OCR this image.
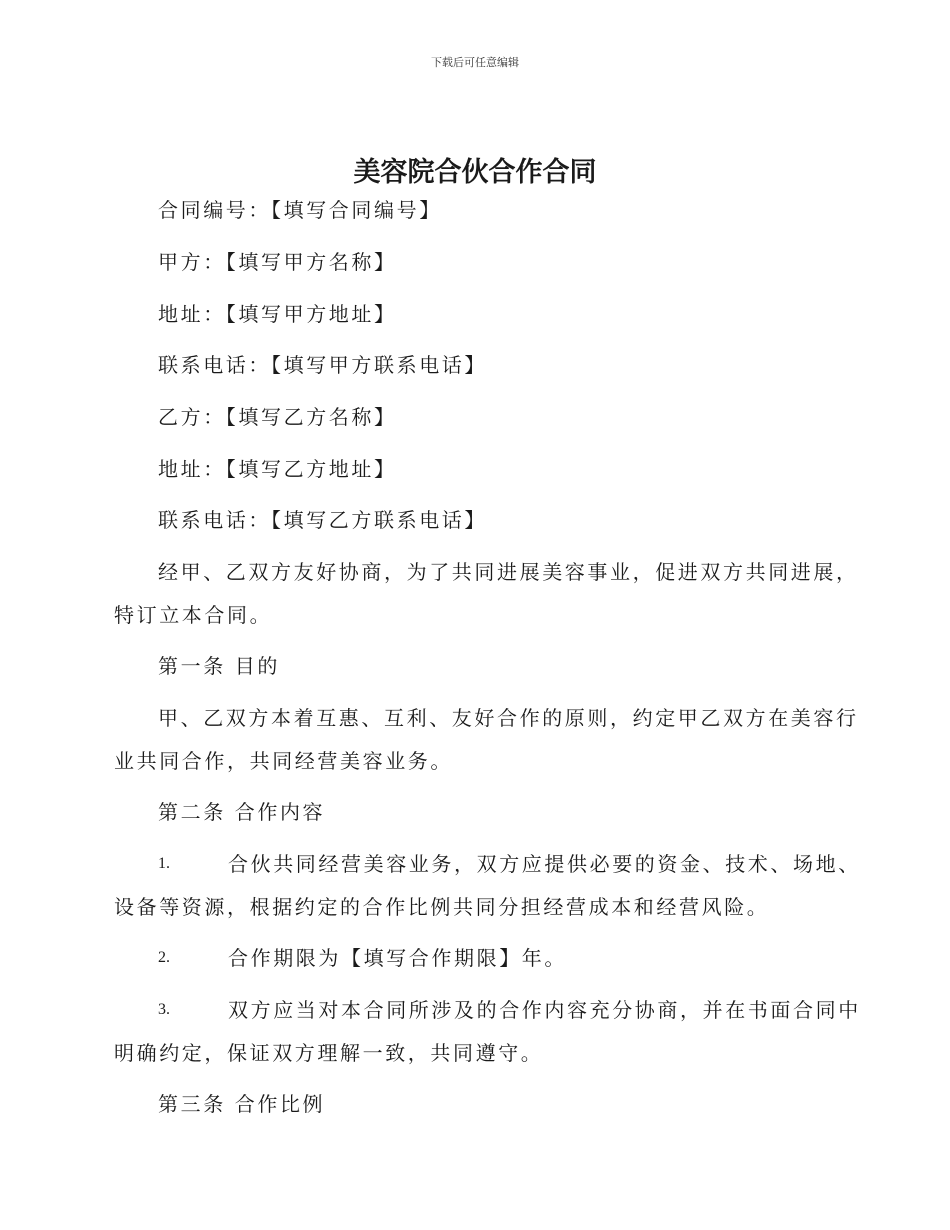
下载后可任意编辑
美容院合伙合作合同
合同编号：【填写合同编号】
甲方：【填写甲方名称】
地址：【填写甲方地址】
联系电话：【填写甲方联系电话】
乙方：【填写乙方名称】
地址：【填写乙方地址】
联系电话：【填写乙方联系电话】
经甲、乙双方友好协商，为了共同进展美容事业，促进双方共同进展，
特订立本合同。
第一条 目的
甲、乙双方本着互惠、互利、友好合作的原则，约定甲乙双方在美容行
业共同合作，共同经营美容业务。
第二条 合作内容
1.	合伙共同经营美容业务，双方应提供必要的资金、技术、场地、
设备等资源，根据约定的合作比例共同分担经营成本和经营风险。
2.	合作期限为【填写合作期限】年。
3.	双方应当对本合同所涉及的合作内容充分协商，并在书面合同中
明确约定，保证双方理解一致，共同遵守。
第三条 合作比例
